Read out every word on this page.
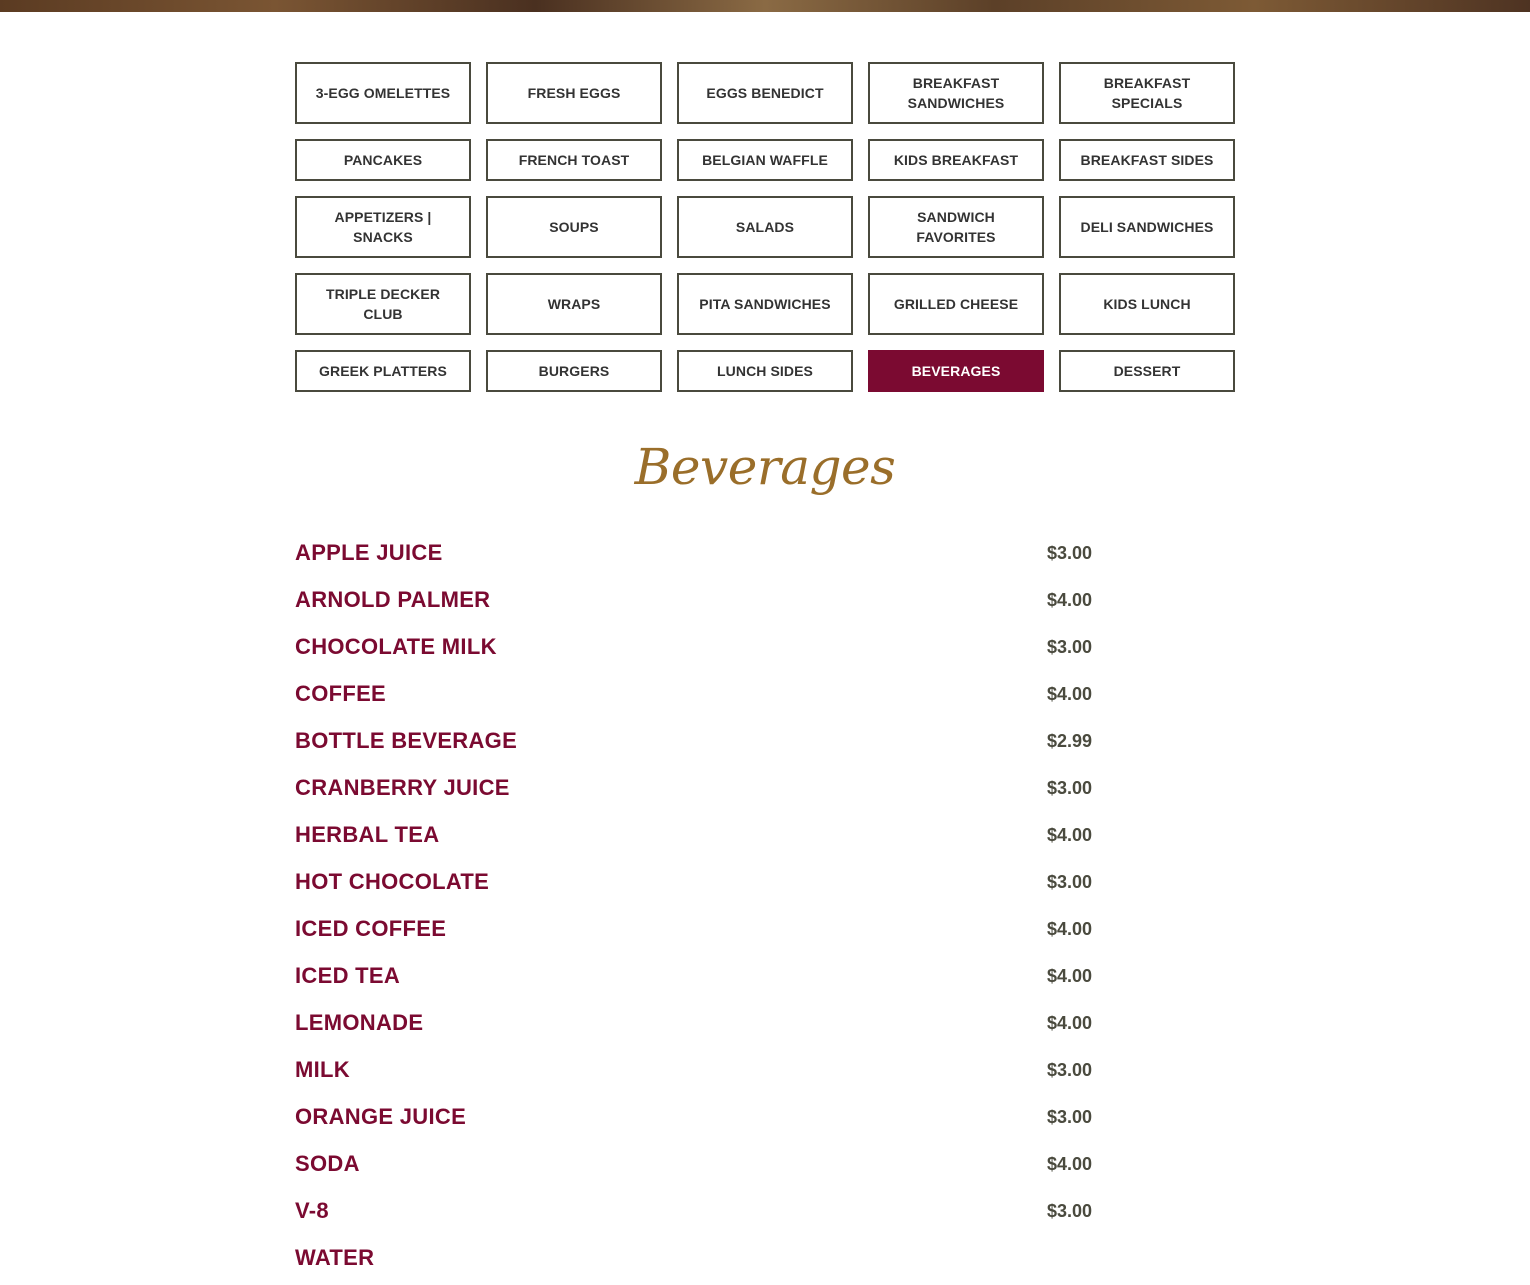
3-EGG OMELETTES	FRESH EGGS	EGGS BENEDICT
BREAKFAST SANDWICHES
BREAKFAST SPECIALS
PANCAKES	FRENCH TOAST	BELGIAN WAFFLE	KIDS BREAKFAST	BREAKFAST SIDES
APPETIZERS | SNACKS
SOUPS	SALADS
SANDWICH FAVORITES
DELI SANDWICHES
TRIPLE DECKER CLUB
WRAPS	PITA SANDWICHES	GRILLED CHEESE	KIDS LUNCH
GREEK PLATTERS	BURGERS	LUNCH SIDES	BEVERAGES	DESSERT
Beverages
APPLE JUICE	$3.00
ARNOLD PALMER	$4.00
CHOCOLATE MILK	$3.00
COFFEE	$4.00
BOTTLE BEVERAGE	$2.99
CRANBERRY JUICE	$3.00
HERBAL TEA	$4.00
HOT CHOCOLATE	$3.00
ICED COFFEE	$4.00
ICED TEA	$4.00
LEMONADE	$4.00
MILK	$3.00
ORANGE JUICE	$3.00
SODA	$4.00
V-8	$3.00
WATER
